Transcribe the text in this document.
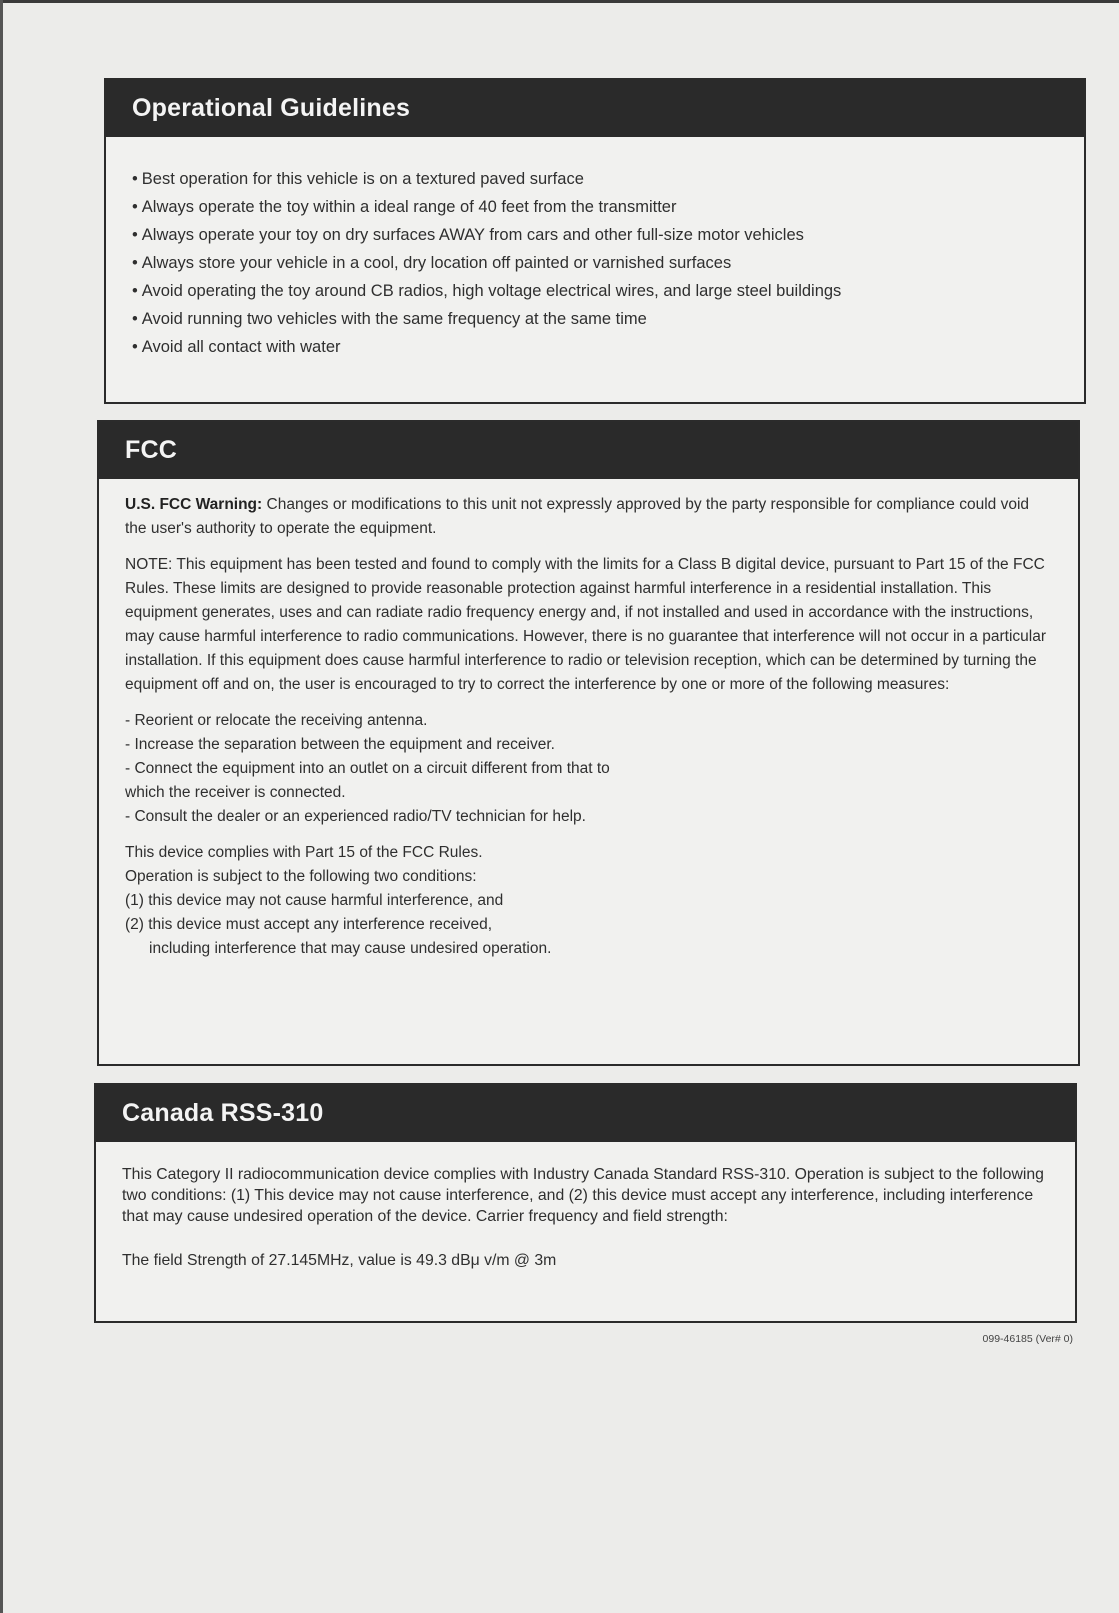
Operational Guidelines
• Best operation for this vehicle is on a textured paved surface
• Always operate the toy within a ideal range of 40 feet from the transmitter
• Always operate your toy on dry surfaces AWAY from cars and other full-size motor vehicles
• Always store your vehicle in a cool, dry location off painted or varnished surfaces
• Avoid operating the toy around CB radios, high voltage electrical wires, and large steel buildings
• Avoid running two vehicles with the same frequency at the same time
• Avoid all contact with water
FCC

U.S. FCC Warning: Changes or modifications to this unit not expressly approved by the party responsible for compliance could void the user's authority to operate the equipment.

NOTE: This equipment has been tested and found to comply with the limits for a Class B digital device, pursuant to Part 15 of the FCC Rules. These limits are designed to provide reasonable protection against harmful interference in a residential installation. This equipment generates, uses and can radiate radio frequency energy and, if not installed and used in accordance with the instructions, may cause harmful interference to radio communications. However, there is no guarantee that interference will not occur in a particular installation. If this equipment does cause harmful interference to radio or television reception, which can be determined by turning the equipment off and on, the user is encouraged to try to correct the interference by one or more of the following measures:

- Reorient or relocate the receiving antenna.
- Increase the separation between the equipment and receiver.
- Connect the equipment into an outlet on a circuit different from that to which the receiver is connected.
- Consult the dealer or an experienced radio/TV technician for help.
This device complies with Part 15 of the FCC Rules.
Operation is subject to the following two conditions:
(1) this device may not cause harmful interference, and
(2) this device must accept any interference received,
including interference that may cause undesired operation.
Canada RSS-310

This Category II radiocommunication device complies with Industry Canada Standard RSS-310. Operation is subject to the following two conditions: (1) This device may not cause interference, and (2) this device must accept any interference, including interference that may cause undesired operation of the device. Carrier frequency and field strength:

The field Strength of 27.145MHz, value is 49.3 dBμ v/m @ 3m

099-46185 (Ver# 0)
